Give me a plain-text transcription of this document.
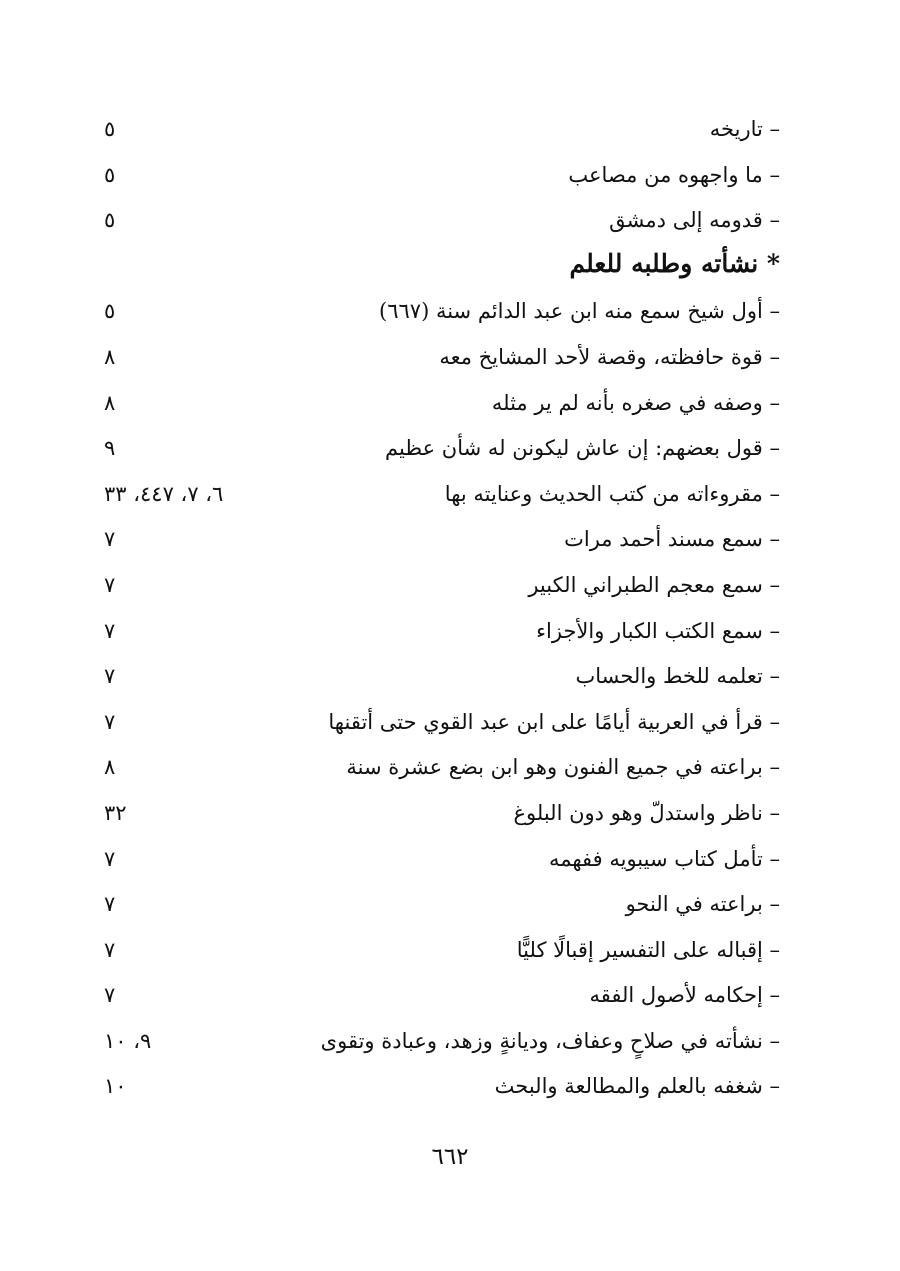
– تاريخه
٥
– ما واجهوه من مصاعب
٥
– قدومه إلى دمشق
٥
* نشأته وطلبه للعلم
– أول شيخ سمع منه ابن عبد الدائم سنة (٦٦٧)
٥
– قوة حافظته، وقصة لأحد المشايخ معه
٨
– وصفه في صغره بأنه لم ير مثله
٨
– قول بعضهم: إن عاش ليكونن له شأن عظيم
٩
– مقروءاته من كتب الحديث وعنايته بها
٦، ٧، ٤٤٧، ٣٣
– سمع مسند أحمد مرات
٧
– سمع معجم الطبراني الكبير
٧
– سمع الكتب الكبار والأجزاء
٧
– تعلمه للخط والحساب
٧
– قرأ في العربية أيامًا على ابن عبد القوي حتى أتقنها
٧
– براعته في جميع الفنون وهو ابن بضع عشرة سنة
٨
– ناظر واستدلّ وهو دون البلوغ
٣٢
– تأمل كتاب سيبويه ففهمه
٧
– براعته في النحو
٧
– إقباله على التفسير إقبالًا كليًّا
٧
– إحكامه لأصول الفقه
٧
– نشأته في صلاحٍ وعفاف، وديانةٍ وزهد، وعبادة وتقوى
٩، ١٠
– شغفه بالعلم والمطالعة والبحث
١٠
٦٦٢
